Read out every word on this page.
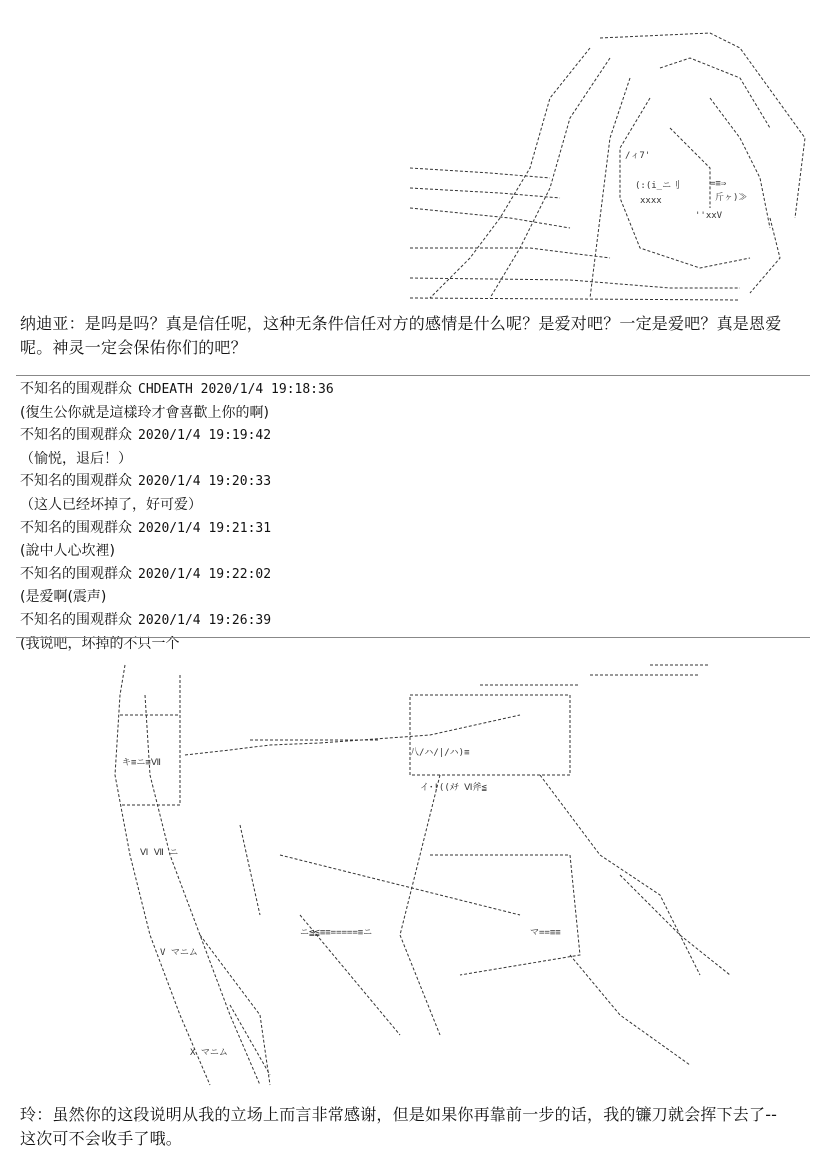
(:(i_ニ刂	=≡⇒
斤ヶ)≫
xxxx
''xxV
/ィ7'
纳迪亚：是吗是吗？真是信任呢，这种无条件信任对方的感情是什么呢？是爱对吧？一定是爱吧？真是恩爱
呢。神灵一定会保佑你们的吧？
不知名的围观群众 CHDEATH 2020/1/4 19:18:36
(復生公你就是這樣玲才會喜歡上你的啊)
不知名的围观群众 2020/1/4 19:19:42
（愉悦，退后！）
不知名的围观群众 2020/1/4 19:20:33
（这人已经坏掉了，好可爱）
不知名的围观群众 2020/1/4 19:21:31
(說中人心坎裡)
不知名的围观群众 2020/1/4 19:22:02
(是爱啊(震声)
不知名的围观群众 2020/1/4 19:26:39
(我说吧，坏掉的不只一个
キ≡ニ≡Ⅶ
Ⅵ Ⅶ ニ
V マニム
X マニム
八/ハ/|/ハ)≡
イ･!((ﾒﾁ Ⅵ斧≦
ニ≦≦≡≡=====≡ニ	マ==≡≡
玲：虽然你的这段说明从我的立场上而言非常感谢，但是如果你再靠前一步的话，我的镰刀就会挥下去了--
这次可不会收手了哦。
